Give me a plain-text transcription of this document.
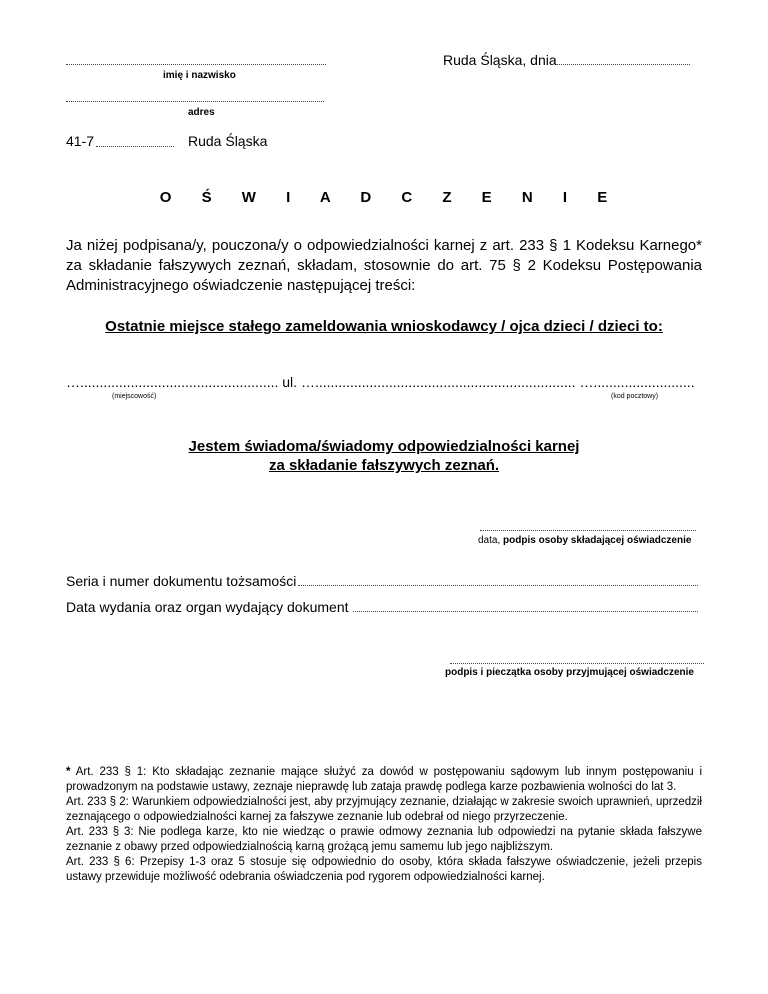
imię i nazwisko
Ruda Śląska, dnia
adres
41-7	Ruda Śląska
O Ś W I A D C Z E N I E
Ja niżej podpisana/y, pouczona/y o odpowiedzialności karnej z art. 233 § 1 Kodeksu Karnego* za składanie fałszywych zeznań, składam, stosownie do art. 75 § 2 Kodeksu Postępowania Administracyjnego oświadczenie następującej treści:
Ostatnie miejsce stałego zameldowania wnioskodawcy / ojca dzieci / dzieci to:
…................................................... ul. …................................................................... …..........................
(miejscowość)	(kod pocztowy)
Jestem świadoma/świadomy odpowiedzialności karnej
za składanie fałszywych zeznań.
data, podpis osoby składającej oświadczenie
Seria i numer dokumentu tożsamości
Data wydania oraz organ wydający dokument
podpis i pieczątka osoby przyjmującej oświadczenie
* Art. 233 § 1: Kto składając zeznanie mające służyć za dowód w postępowaniu sądowym lub innym postępowaniu i prowadzonym na podstawie ustawy, zeznaje nieprawdę lub zataja prawdę podlega karze pozbawienia wolności do lat 3.
Art. 233 § 2: Warunkiem odpowiedzialności jest, aby przyjmujący zeznanie, działając w zakresie swoich uprawnień, uprzedził zeznającego o odpowiedzialności karnej za fałszywe zeznanie lub odebrał od niego przyrzeczenie.
Art. 233 § 3: Nie podlega karze, kto nie wiedząc o prawie odmowy zeznania lub odpowiedzi na pytanie składa fałszywe zeznanie z obawy przed odpowiedzialnością karną grożącą jemu samemu lub jego najbliższym.
Art. 233 § 6: Przepisy 1-3 oraz 5 stosuje się odpowiednio do osoby, która składa fałszywe oświadczenie, jeżeli przepis ustawy przewiduje możliwość odebrania oświadczenia pod rygorem odpowiedzialności karnej.
